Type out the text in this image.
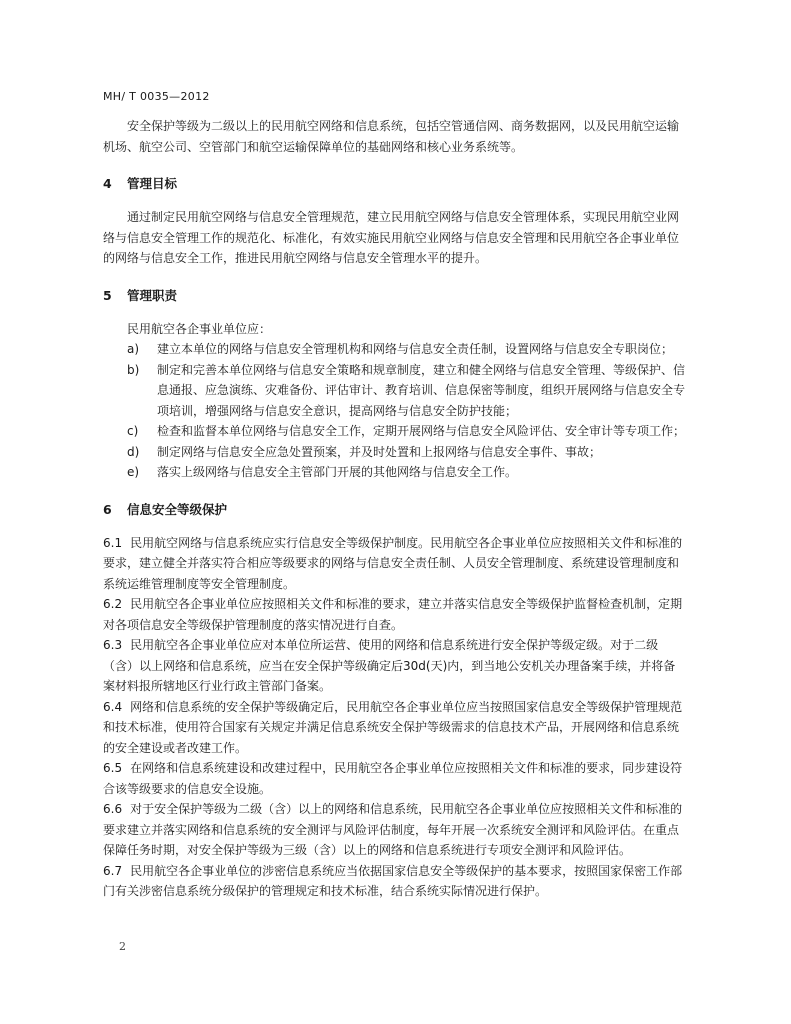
MH/ T 0035—2012

安全保护等级为二级以上的民用航空网络和信息系统，包括空管通信网、商务数据网，以及民用航空运输机场、航空公司、空管部门和航空运输保障单位的基础网络和核心业务系统等。

4 管理目标

通过制定民用航空网络与信息安全管理规范，建立民用航空网络与信息安全管理体系，实现民用航空业网络与信息安全管理工作的规范化、标准化，有效实施民用航空业网络与信息安全管理和民用航空各企事业单位的网络与信息安全工作，推进民用航空网络与信息安全管理水平的提升。

5 管理职责

民用航空各企事业单位应：

a) 建立本单位的网络与信息安全管理机构和网络与信息安全责任制，设置网络与信息安全专职岗位；
b) 制定和完善本单位网络与信息安全策略和规章制度，建立和健全网络与信息安全管理、等级保护、信息通报、应急演练、灾难备份、评估审计、教育培训、信息保密等制度，组织开展网络与信息安全专项培训，增强网络与信息安全意识，提高网络与信息安全防护技能；
c) 检查和监督本单位网络与信息安全工作，定期开展网络与信息安全风险评估、安全审计等专项工作；
d) 制定网络与信息安全应急处置预案，并及时处置和上报网络与信息安全事件、事故；
e) 落实上级网络与信息安全主管部门开展的其他网络与信息安全工作。
6 信息安全等级保护

6.1 民用航空网络与信息系统应实行信息安全等级保护制度。民用航空各企事业单位应按照相关文件和标准的要求，建立健全并落实符合相应等级要求的网络与信息安全责任制、人员安全管理制度、系统建设管理制度和系统运维管理制度等安全管理制度。

6.2 民用航空各企事业单位应按照相关文件和标准的要求，建立并落实信息安全等级保护监督检查机制，定期对各项信息安全等级保护管理制度的落实情况进行自查。

6.3 民用航空各企事业单位应对本单位所运营、使用的网络和信息系统进行安全保护等级定级。对于二级（含）以上网络和信息系统，应当在安全保护等级确定后30d(天)内，到当地公安机关办理备案手续，并将备案材料报所辖地区行业行政主管部门备案。

6.4 网络和信息系统的安全保护等级确定后，民用航空各企事业单位应当按照国家信息安全等级保护管理规范和技术标准，使用符合国家有关规定并满足信息系统安全保护等级需求的信息技术产品，开展网络和信息系统的安全建设或者改建工作。

6.5 在网络和信息系统建设和改建过程中，民用航空各企事业单位应按照相关文件和标准的要求，同步建设符合该等级要求的信息安全设施。

6.6 对于安全保护等级为二级（含）以上的网络和信息系统，民用航空各企事业单位应按照相关文件和标准的要求建立并落实网络和信息系统的安全测评与风险评估制度，每年开展一次系统安全测评和风险评估。在重点保障任务时期，对安全保护等级为三级（含）以上的网络和信息系统进行专项安全测评和风险评估。

6.7 民用航空各企事业单位的涉密信息系统应当依据国家信息安全等级保护的基本要求，按照国家保密工作部门有关涉密信息系统分级保护的管理规定和技术标准，结合系统实际情况进行保护。

2
